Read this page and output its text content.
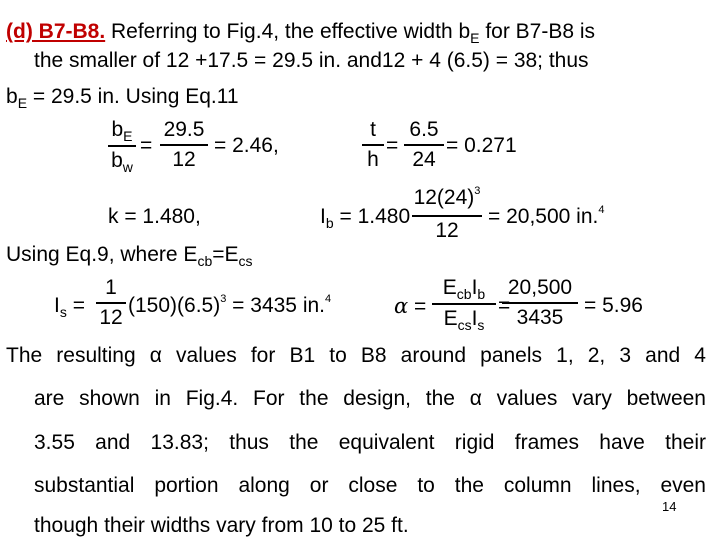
(d) B7-B8. Referring to Fig.4, the effective width $b_E$ for B7-B8 is
the smaller of 12 +17.5 = 29.5 in. and12 + 4 (6.5) = 38; thus
$b_E = 29.5$ in. Using Eq.11
$b_E$
$b_w$
=
29.5
12
= 2.46,
t
h
=
6.5
24
= 0.271
k = 1.480,	$I_b = 1.480$
$12(24)^3$
12
= 20,500 in.$^4$
Using Eq.9, where $E_{cb}=E_{cs}$
$I_s$ =
1
12
$(150)(6.5)^3 = 3435$ in.$^4$	α =
$E_{cb}I_b$
$E_{cs}I_s$
=
20,500
3435
= 5.96
The resulting α values for B1 to B8 around panels 1, 2, 3 and 4
are shown in Fig.4. For the design, the α values vary between
3.55 and 13.83; thus the equivalent rigid frames have their
substantial portion along or close to the column lines, even
14
though their widths vary from 10 to 25 ft.
